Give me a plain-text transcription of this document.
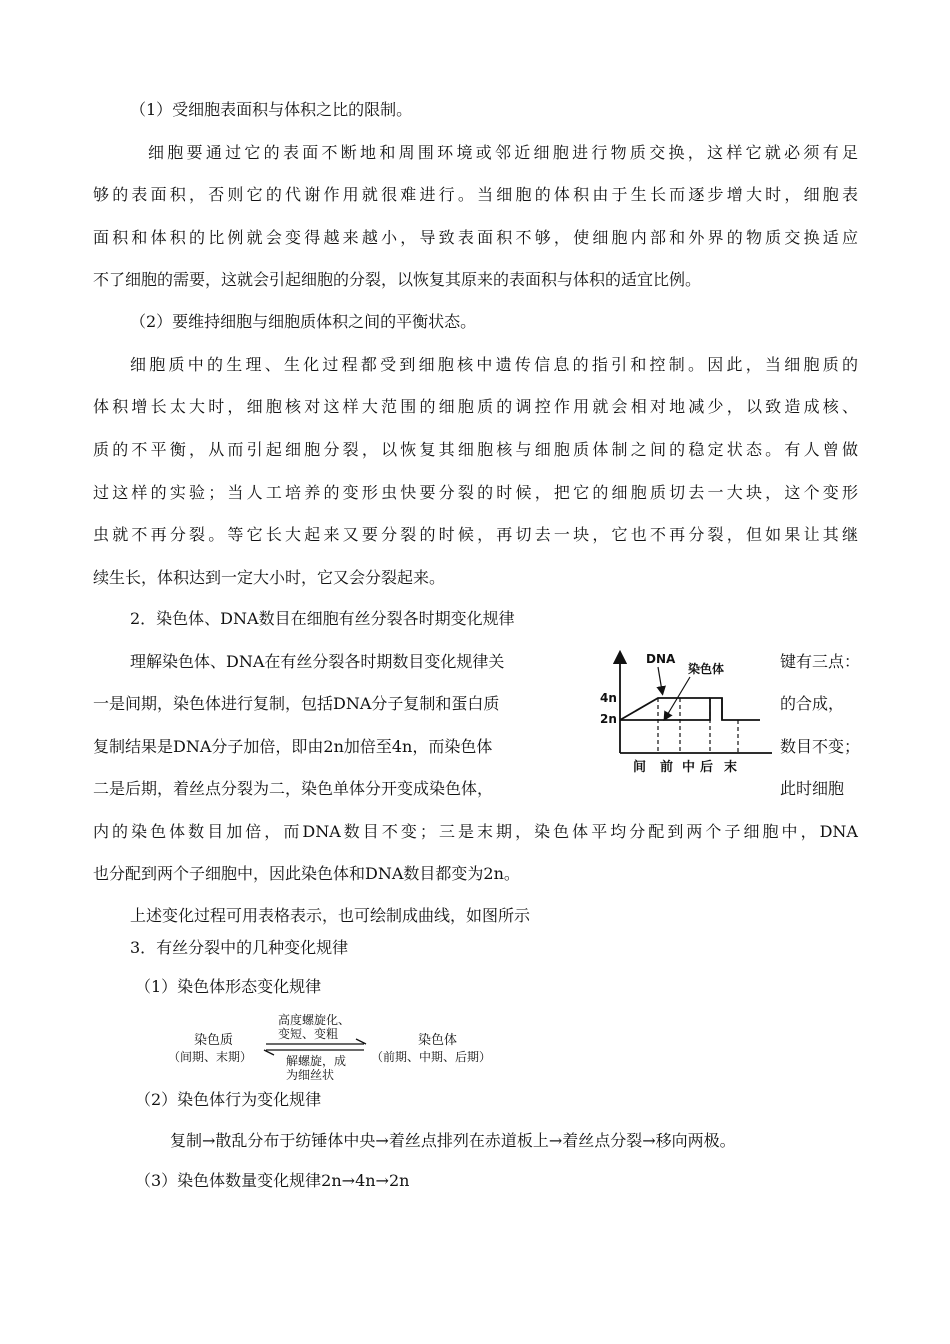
（1）受细胞表面积与体积之比的限制。
细胞要通过它的表面不断地和周围环境或邻近细胞进行物质交换，这样它就必须有足
够的表面积，否则它的代谢作用就很难进行。当细胞的体积由于生长而逐步增大时，细胞表
面积和体积的比例就会变得越来越小，导致表面积不够，使细胞内部和外界的物质交换适应
不了细胞的需要，这就会引起细胞的分裂，以恢复其原来的表面积与体积的适宜比例。
（2）要维持细胞与细胞质体积之间的平衡状态。
细胞质中的生理、生化过程都受到细胞核中遗传信息的指引和控制。因此，当细胞质的
体积增长太大时，细胞核对这样大范围的细胞质的调控作用就会相对地减少，以致造成核、
质的不平衡，从而引起细胞分裂，以恢复其细胞核与细胞质体制之间的稳定状态。有人曾做
过这样的实验；当人工培养的变形虫快要分裂的时候，把它的细胞质切去一大块，这个变形
虫就不再分裂。等它长大起来又要分裂的时候，再切去一块，它也不再分裂，但如果让其继
续生长，体积达到一定大小时，它又会分裂起来。
2．染色体、DNA数目在细胞有丝分裂各时期变化规律
理解染色体、DNA在有丝分裂各时期数目变化规律关	键有三点：
一是间期，染色体进行复制，包括DNA分子复制和蛋白质	的合成，
复制结果是DNA分子加倍，即由2n加倍至4n，而染色体	数目不变；
二是后期，着丝点分裂为二，染色单体分开变成染色体，	此时细胞
内的染色体数目加倍，而DNA数目不变；三是末期，染色体平均分配到两个子细胞中，DNA
也分配到两个子细胞中，因此染色体和DNA数目都变为2n。
上述变化过程可用表格表示，也可绘制成曲线，如图所示
4n
2n
DNA
染色体
间 前 中 后 末
3．有丝分裂中的几种变化规律
（1）染色体形态变化规律
染色质
（间期、末期）
高度螺旋化、
变短、变粗
解螺旋，成
为细丝状
染色体
（前期、中期、后期）
（2）染色体行为变化规律
复制→散乱分布于纺锤体中央→着丝点排列在赤道板上→着丝点分裂→移向两极。
（3）染色体数量变化规律2n→4n→2n
